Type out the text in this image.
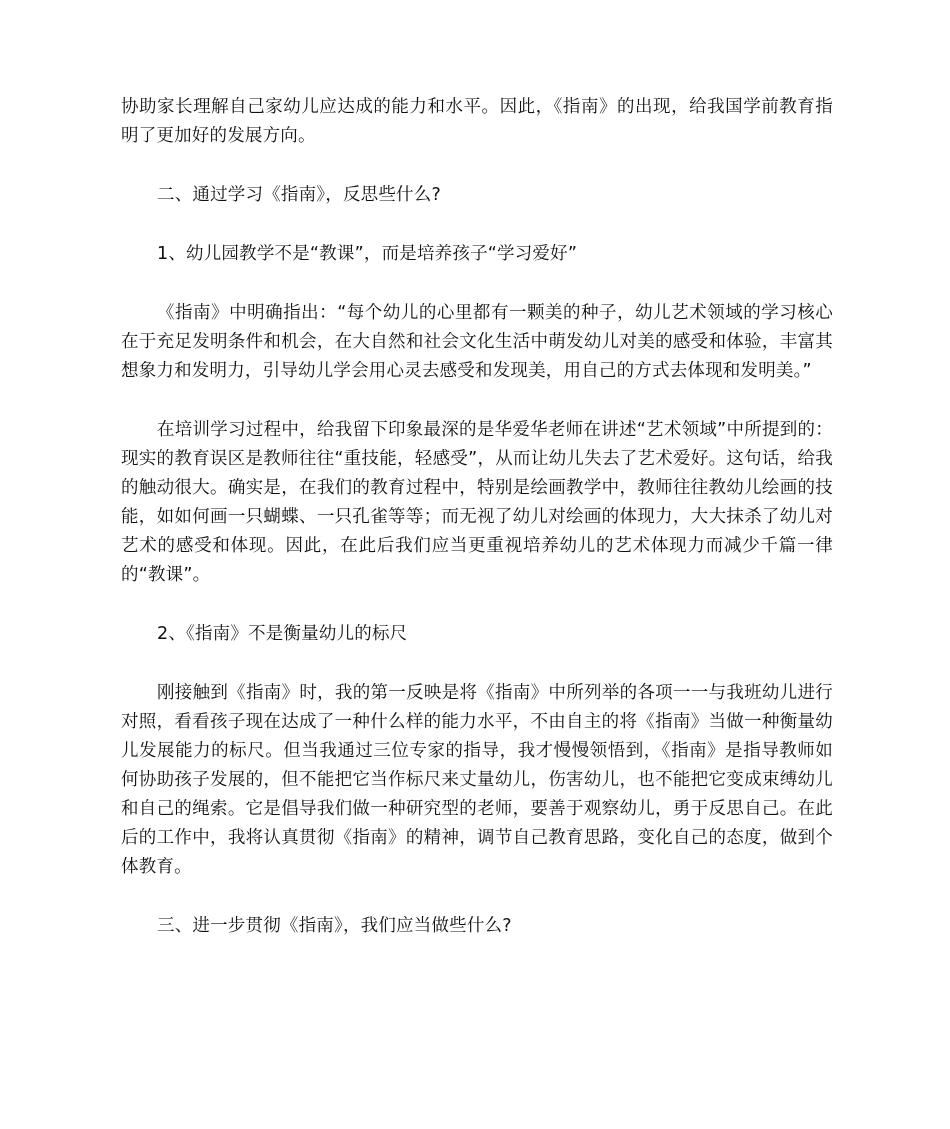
协助家长理解自己家幼儿应达成的能力和水平。因此，《指南》的出现，给我国学前教育指明了更加好的发展方向。

二、通过学习《指南》，反思些什么?

1、幼儿园教学不是“教课”，而是培养孩子“学习爱好”

《指南》中明确指出：“每个幼儿的心里都有一颗美的种子，幼儿艺术领域的学习核心在于充足发明条件和机会，在大自然和社会文化生活中萌发幼儿对美的感受和体验，丰富其想象力和发明力，引导幼儿学会用心灵去感受和发现美，用自己的方式去体现和发明美。”

在培训学习过程中，给我留下印象最深的是华爱华老师在讲述“艺术领域”中所提到的：现实的教育误区是教师往往“重技能，轻感受”，从而让幼儿失去了艺术爱好。这句话，给我的触动很大。确实是，在我们的教育过程中，特别是绘画教学中，教师往往教幼儿绘画的技能，如如何画一只蝴蝶、一只孔雀等等；而无视了幼儿对绘画的体现力，大大抹杀了幼儿对艺术的感受和体现。因此，在此后我们应当更重视培养幼儿的艺术体现力而减少千篇一律的“教课”。

2、《指南》不是衡量幼儿的标尺

刚接触到《指南》时，我的第一反映是将《指南》中所列举的各项一一与我班幼儿进行对照，看看孩子现在达成了一种什么样的能力水平，不由自主的将《指南》当做一种衡量幼儿发展能力的标尺。但当我通过三位专家的指导，我才慢慢领悟到，《指南》是指导教师如何协助孩子发展的，但不能把它当作标尺来丈量幼儿，伤害幼儿，也不能把它变成束缚幼儿和自己的绳索。它是倡导我们做一种研究型的老师，要善于观察幼儿，勇于反思自己。在此后的工作中，我将认真贯彻《指南》的精神，调节自己教育思路，变化自己的态度，做到个体教育。

三、进一步贯彻《指南》，我们应当做些什么?
